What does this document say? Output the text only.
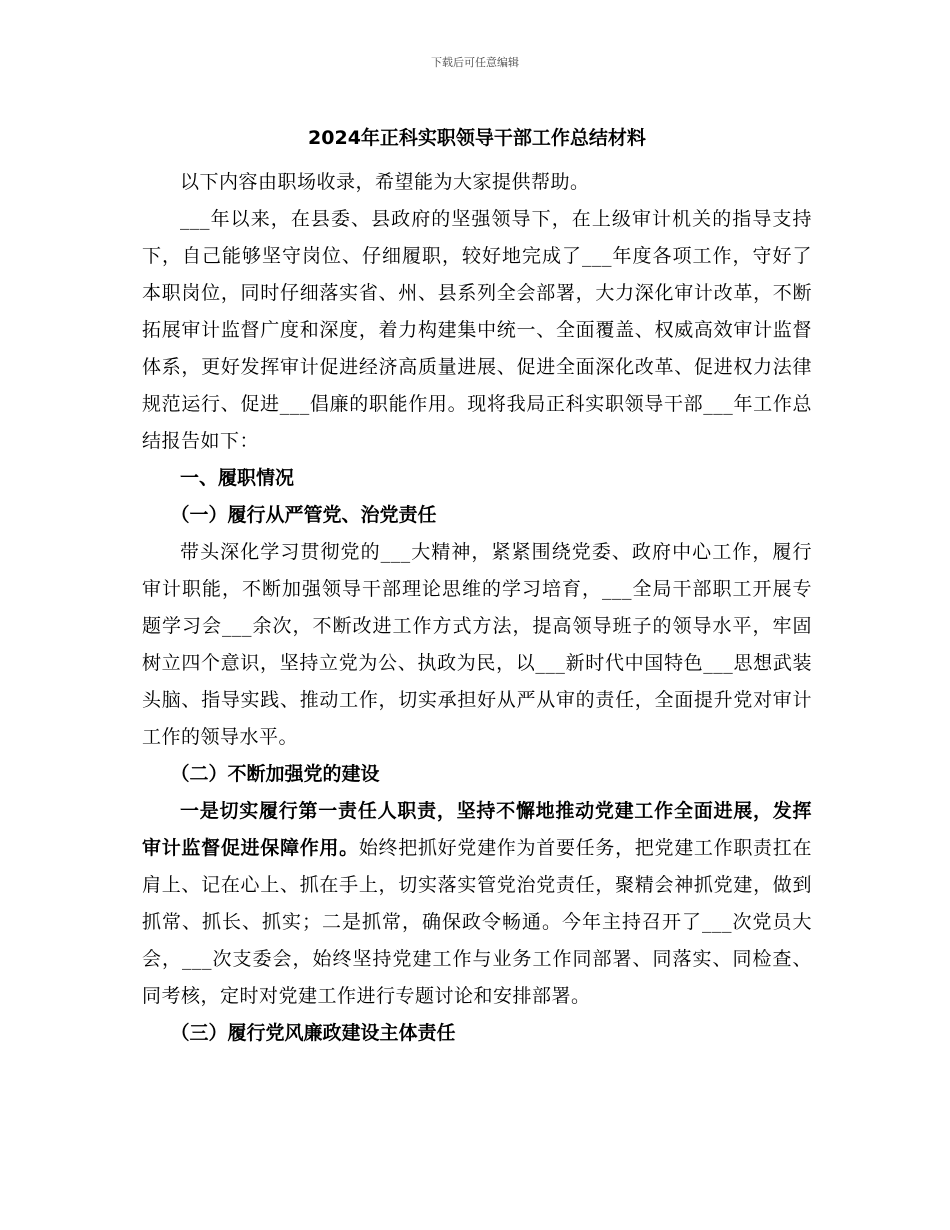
下载后可任意编辑
2024年正科实职领导干部工作总结材料

以下内容由职场收录，希望能为大家提供帮助。

___年以来，在县委、县政府的坚强领导下，在上级审计机关的指导支持下，自己能够坚守岗位、仔细履职，较好地完成了___年度各项工作，守好了本职岗位，同时仔细落实省、州、县系列全会部署，大力深化审计改革，不断拓展审计监督广度和深度，着力构建集中统一、全面覆盖、权威高效审计监督体系，更好发挥审计促进经济高质量进展、促进全面深化改革、促进权力法律规范运行、促进___倡廉的职能作用。现将我局正科实职领导干部___年工作总结报告如下：

一、履职情况

（一）履行从严管党、治党责任

带头深化学习贯彻党的___大精神，紧紧围绕党委、政府中心工作，履行审计职能，不断加强领导干部理论思维的学习培育，___全局干部职工开展专题学习会___余次，不断改进工作方式方法，提高领导班子的领导水平，牢固树立四个意识，坚持立党为公、执政为民，以___新时代中国特色___思想武装头脑、指导实践、推动工作，切实承担好从严从审的责任，全面提升党对审计工作的领导水平。

（二）不断加强党的建设

一是切实履行第一责任人职责，坚持不懈地推动党建工作全面进展，发挥审计监督促进保障作用。始终把抓好党建作为首要任务，把党建工作职责扛在肩上、记在心上、抓在手上，切实落实管党治党责任，聚精会神抓党建，做到抓常、抓长、抓实；二是抓常，确保政令畅通。今年主持召开了___次党员大会，___次支委会，始终坚持党建工作与业务工作同部署、同落实、同检查、同考核，定时对党建工作进行专题讨论和安排部署。

（三）履行党风廉政建设主体责任
